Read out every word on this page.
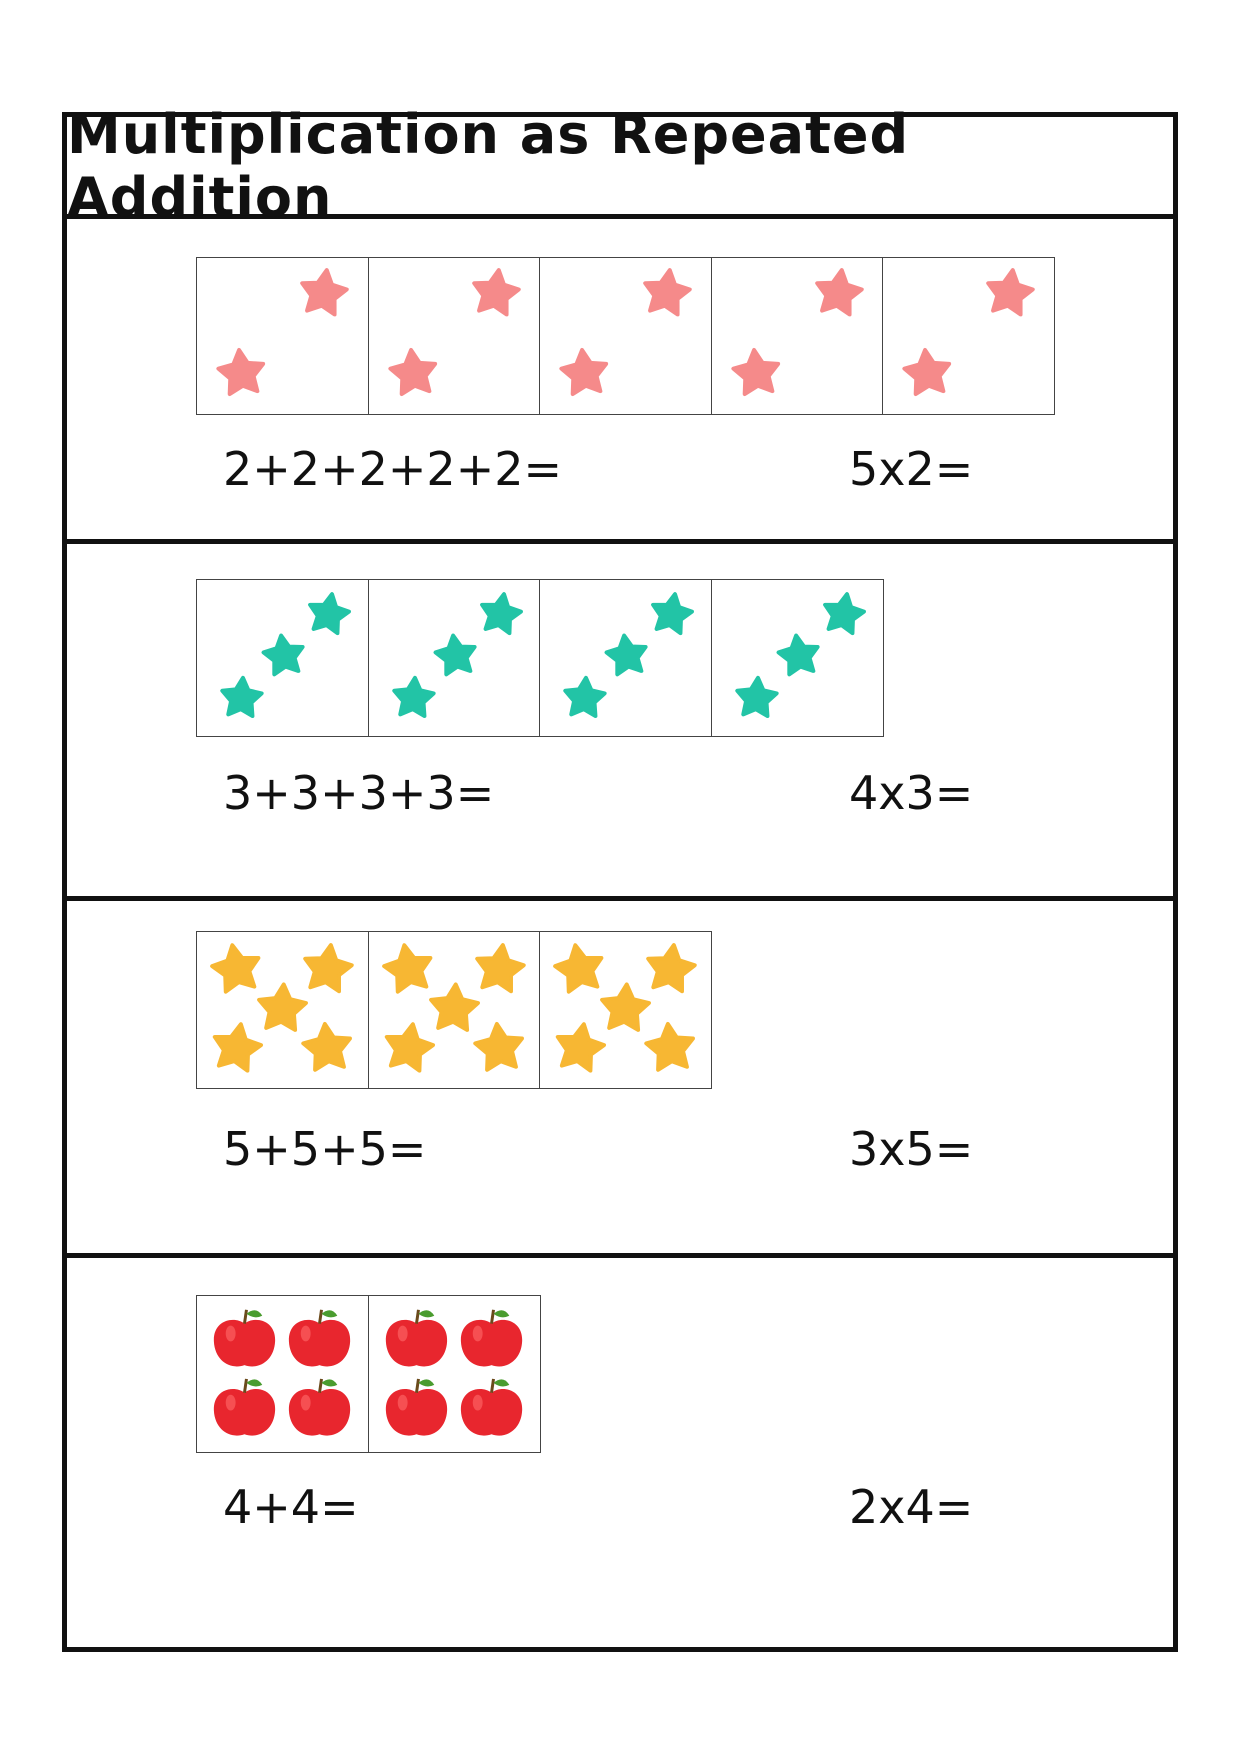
Multiplication as Repeated Addition
2+2+2+2+2=	5x2=
3+3+3+3=	4x3=
5+5+5=	3x5=
4+4=	2x4=
